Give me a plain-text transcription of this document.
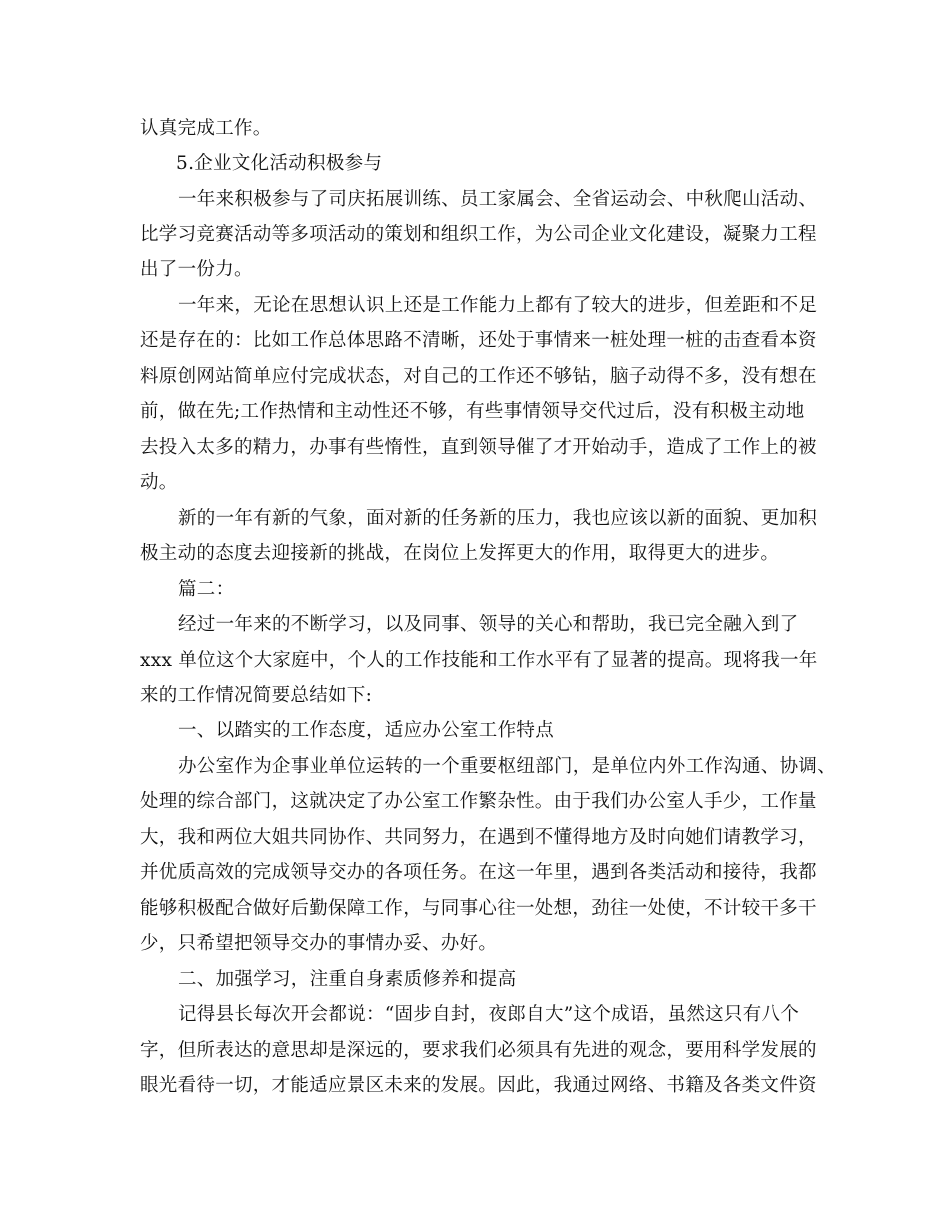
认真完成工作。
5.企业文化活动积极参与
一年来积极参与了司庆拓展训练、员工家属会、全省运动会、中秋爬山活动、
比学习竞赛活动等多项活动的策划和组织工作，为公司企业文化建设，凝聚力工程
出了一份力。
一年来，无论在思想认识上还是工作能力上都有了较大的进步，但差距和不足
还是存在的：比如工作总体思路不清晰，还处于事情来一桩处理一桩的击查看本资
料原创网站简单应付完成状态，对自己的工作还不够钻，脑子动得不多，没有想在
前，做在先;工作热情和主动性还不够，有些事情领导交代过后，没有积极主动地
去投入太多的精力，办事有些惰性，直到领导催了才开始动手，造成了工作上的被
动。
新的一年有新的气象，面对新的任务新的压力，我也应该以新的面貌、更加积
极主动的态度去迎接新的挑战，在岗位上发挥更大的作用，取得更大的进步。
篇二：
经过一年来的不断学习，以及同事、领导的关心和帮助，我已完全融入到了
xxx 单位这个大家庭中，个人的工作技能和工作水平有了显著的提高。现将我一年
来的工作情况简要总结如下:
一、以踏实的工作态度，适应办公室工作特点
办公室作为企事业单位运转的一个重要枢纽部门，是单位内外工作沟通、协调、
处理的综合部门，这就决定了办公室工作繁杂性。由于我们办公室人手少，工作量
大，我和两位大姐共同协作、共同努力，在遇到不懂得地方及时向她们请教学习，
并优质高效的完成领导交办的各项任务。在这一年里，遇到各类活动和接待，我都
能够积极配合做好后勤保障工作，与同事心往一处想，劲往一处使，不计较干多干
少，只希望把领导交办的事情办妥、办好。
二、加强学习，注重自身素质修养和提高
记得县长每次开会都说：“固步自封，夜郎自大”这个成语，虽然这只有八个
字，但所表达的意思却是深远的，要求我们必须具有先进的观念，要用科学发展的
眼光看待一切，才能适应景区未来的发展。因此，我通过网络、书籍及各类文件资
